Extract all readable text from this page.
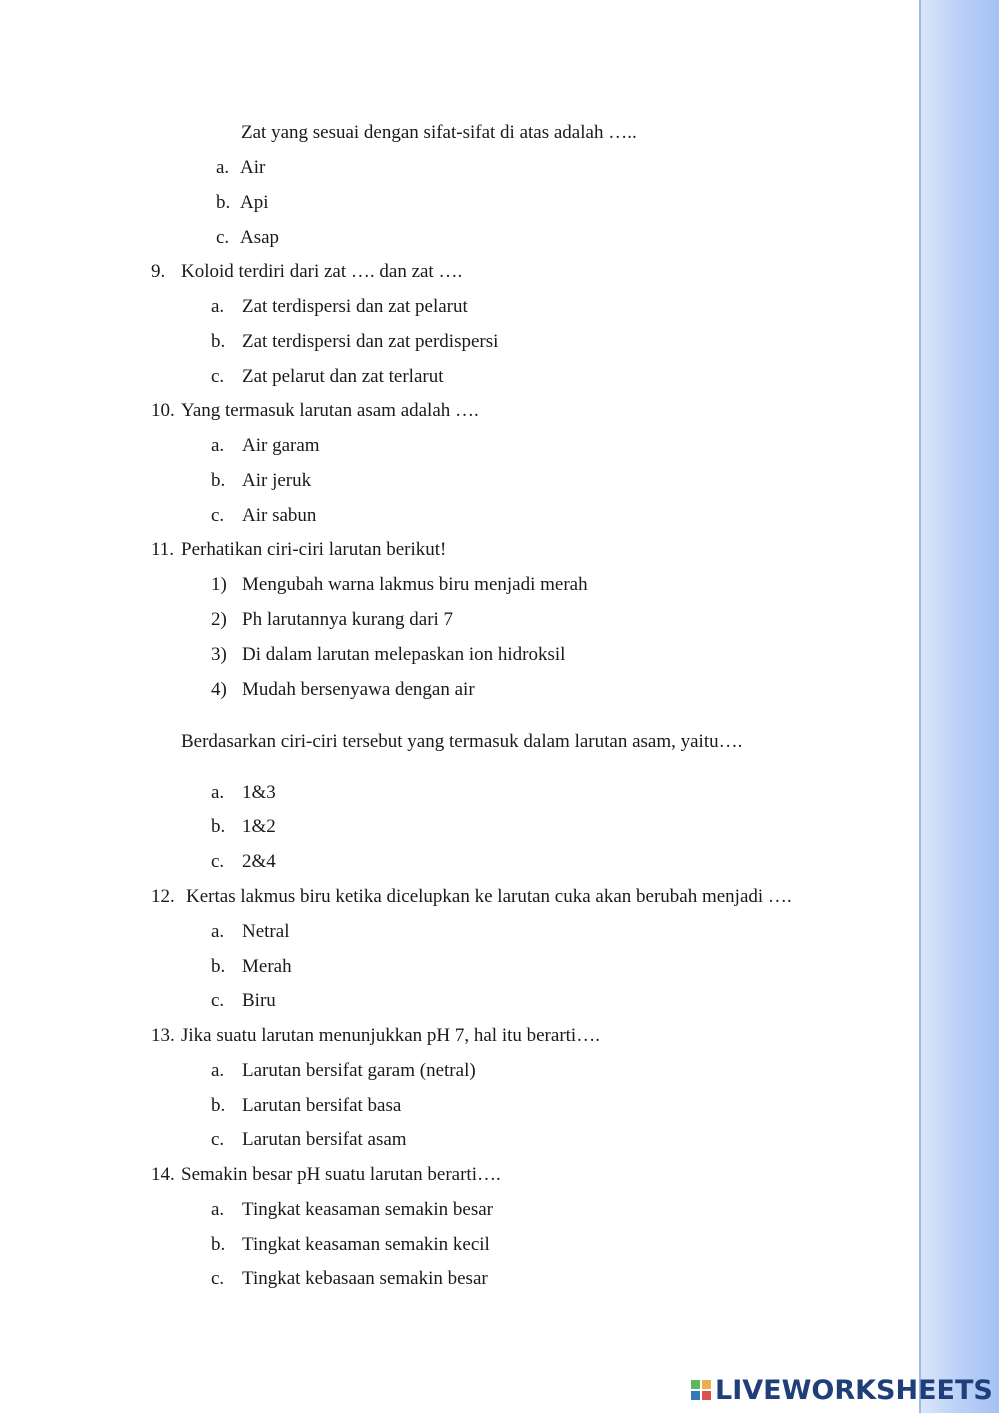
Zat yang sesuai dengan sifat-sifat di atas adalah …..
a. Air
b. Api
c. Asap
9. Koloid terdiri dari zat …. dan zat ….
a. Zat terdispersi dan zat pelarut
b. Zat terdispersi dan zat perdispersi
c. Zat pelarut dan zat terlarut
10. Yang termasuk larutan asam adalah ….
a. Air garam
b. Air jeruk
c. Air sabun
11. Perhatikan ciri-ciri larutan berikut!
1) Mengubah warna lakmus biru menjadi merah
2) Ph larutannya kurang dari 7
3) Di dalam larutan melepaskan ion hidroksil
4) Mudah bersenyawa dengan air
Berdasarkan ciri-ciri tersebut yang termasuk dalam larutan asam, yaitu….
a. 1&3
b. 1&2
c. 2&4
12. Kertas lakmus biru ketika dicelupkan ke larutan cuka akan berubah menjadi ….
a. Netral
b. Merah
c. Biru
13. Jika suatu larutan menunjukkan pH 7, hal itu berarti….
a. Larutan bersifat garam (netral)
b. Larutan bersifat basa
c. Larutan bersifat asam
14. Semakin besar pH suatu larutan berarti….
a. Tingkat keasaman semakin besar
b. Tingkat keasaman semakin kecil
c. Tingkat kebasaan semakin besar
LIVEWORKSHEETS
